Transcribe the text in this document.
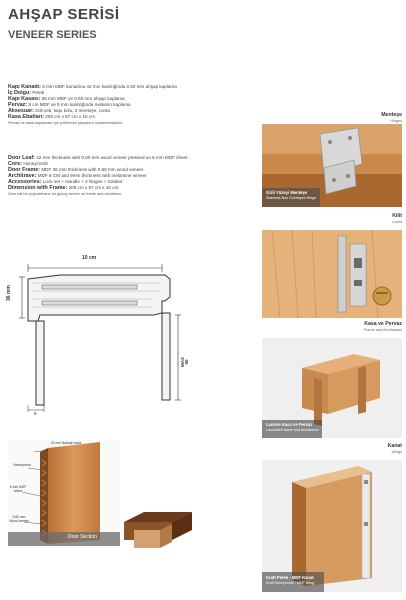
AHŞAP SERİSİ
VENEER SERIES
Kapı Kanadı: 6 mm MDF kanadına 42 mm kalınlığında 0.60 mm ahşap kaplama
İç Dolgu: Petek
Kapı Kasası: 36 mm MDF ye 0.60 mm ahşap kaplama
Pervaz: 8 cm MDF ve 9 mm kalınlığında melamin kaplama
Aksesuar: Kilit seti, kapı kolu, 3 menteşe, conta
Kasa Ebatları: 209 cm x 97 cm x 10 cm
Pervaz ve kasa kaplaması için poliüretan yapıştırıcı kullanılmaktadır.
Door Leaf: 42 mm thickness with 0.60 mm wood veneer pressed on 6 mm MDF sheet.
Core: Honeycomb
Door Frame: MDF 36 mm thickness with 0.60 mm wood veneer.
Architrave: MDF 8 CM and 9mm thickness with melamine veneer
Accessories: Lock set + Handle + 3 hinges + Gasket
Dimension with Frame: 209 cm x 97 cm x 10 cm
Glue will be polyurethane for gluing veneer on frame and architrave.
10 cm
36 mm
MAX 60
9
42 mm Natural wood
Honeycomb
6 mm MDF sheet
0.60 mm Wood veneer
Door Section
Menteşe
Hinges
Gizli Yüzeyi Menteşe
Stainless Non Overlaped Hinge
Kilit
Locks
Kasa ve Pervaz
Frame and Architraves
Lamine Kasa ve Pervaz
Laminated frame and Architraves
Kanat
Wings
Kraft Petek - MDF Kanat
Kraft Honeycomb - MDF Wing
